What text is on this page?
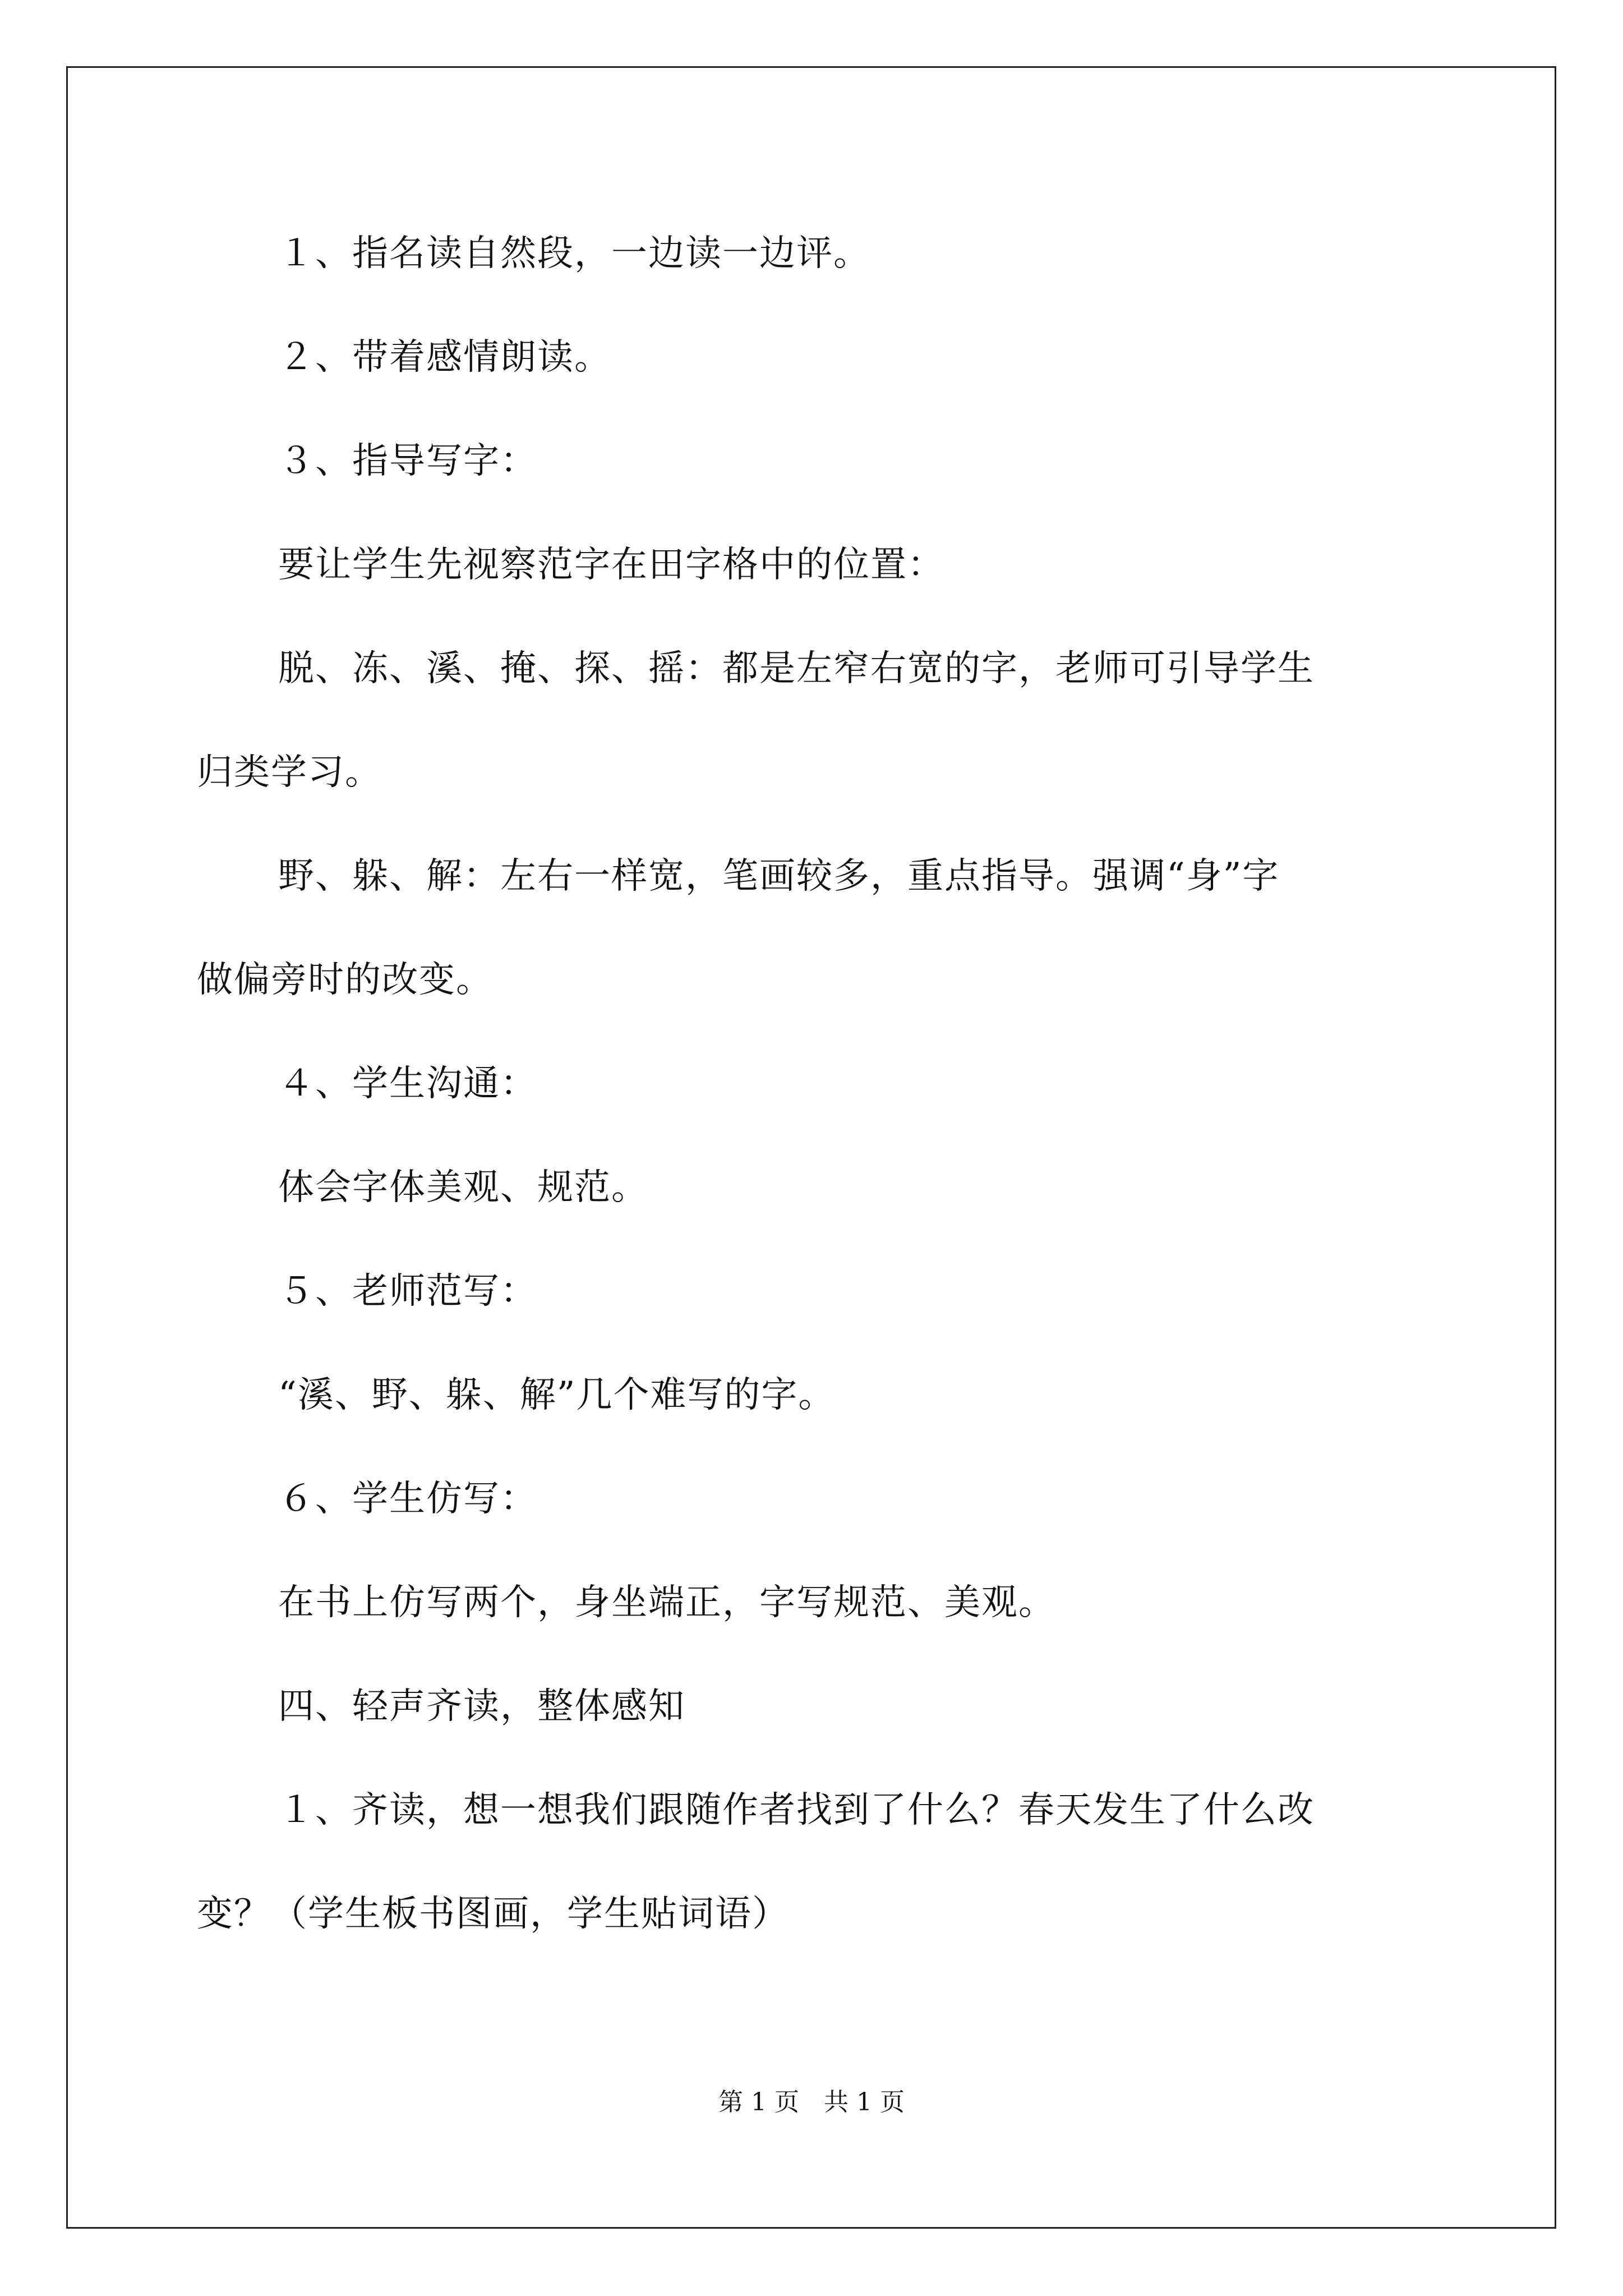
１、指名读自然段，一边读一边评。
２、带着感情朗读。
３、指导写字：
要让学生先视察范字在田字格中的位置：
脱、冻、溪、掩、探、摇：都是左窄右宽的字，老师可引导学生
归类学习。
野、躲、解：左右一样宽，笔画较多，重点指导。强调“身”字
做偏旁时的改变。
４、学生沟通：
体会字体美观、规范。
５、老师范写：
“溪、野、躲、解”几个难写的字。
６、学生仿写：
在书上仿写两个，身坐端正，字写规范、美观。
四、轻声齐读，整体感知
１、齐读，想一想我们跟随作者找到了什么？春天发生了什么改
变？（学生板书图画，学生贴词语）
第 1 页　共 1 页
